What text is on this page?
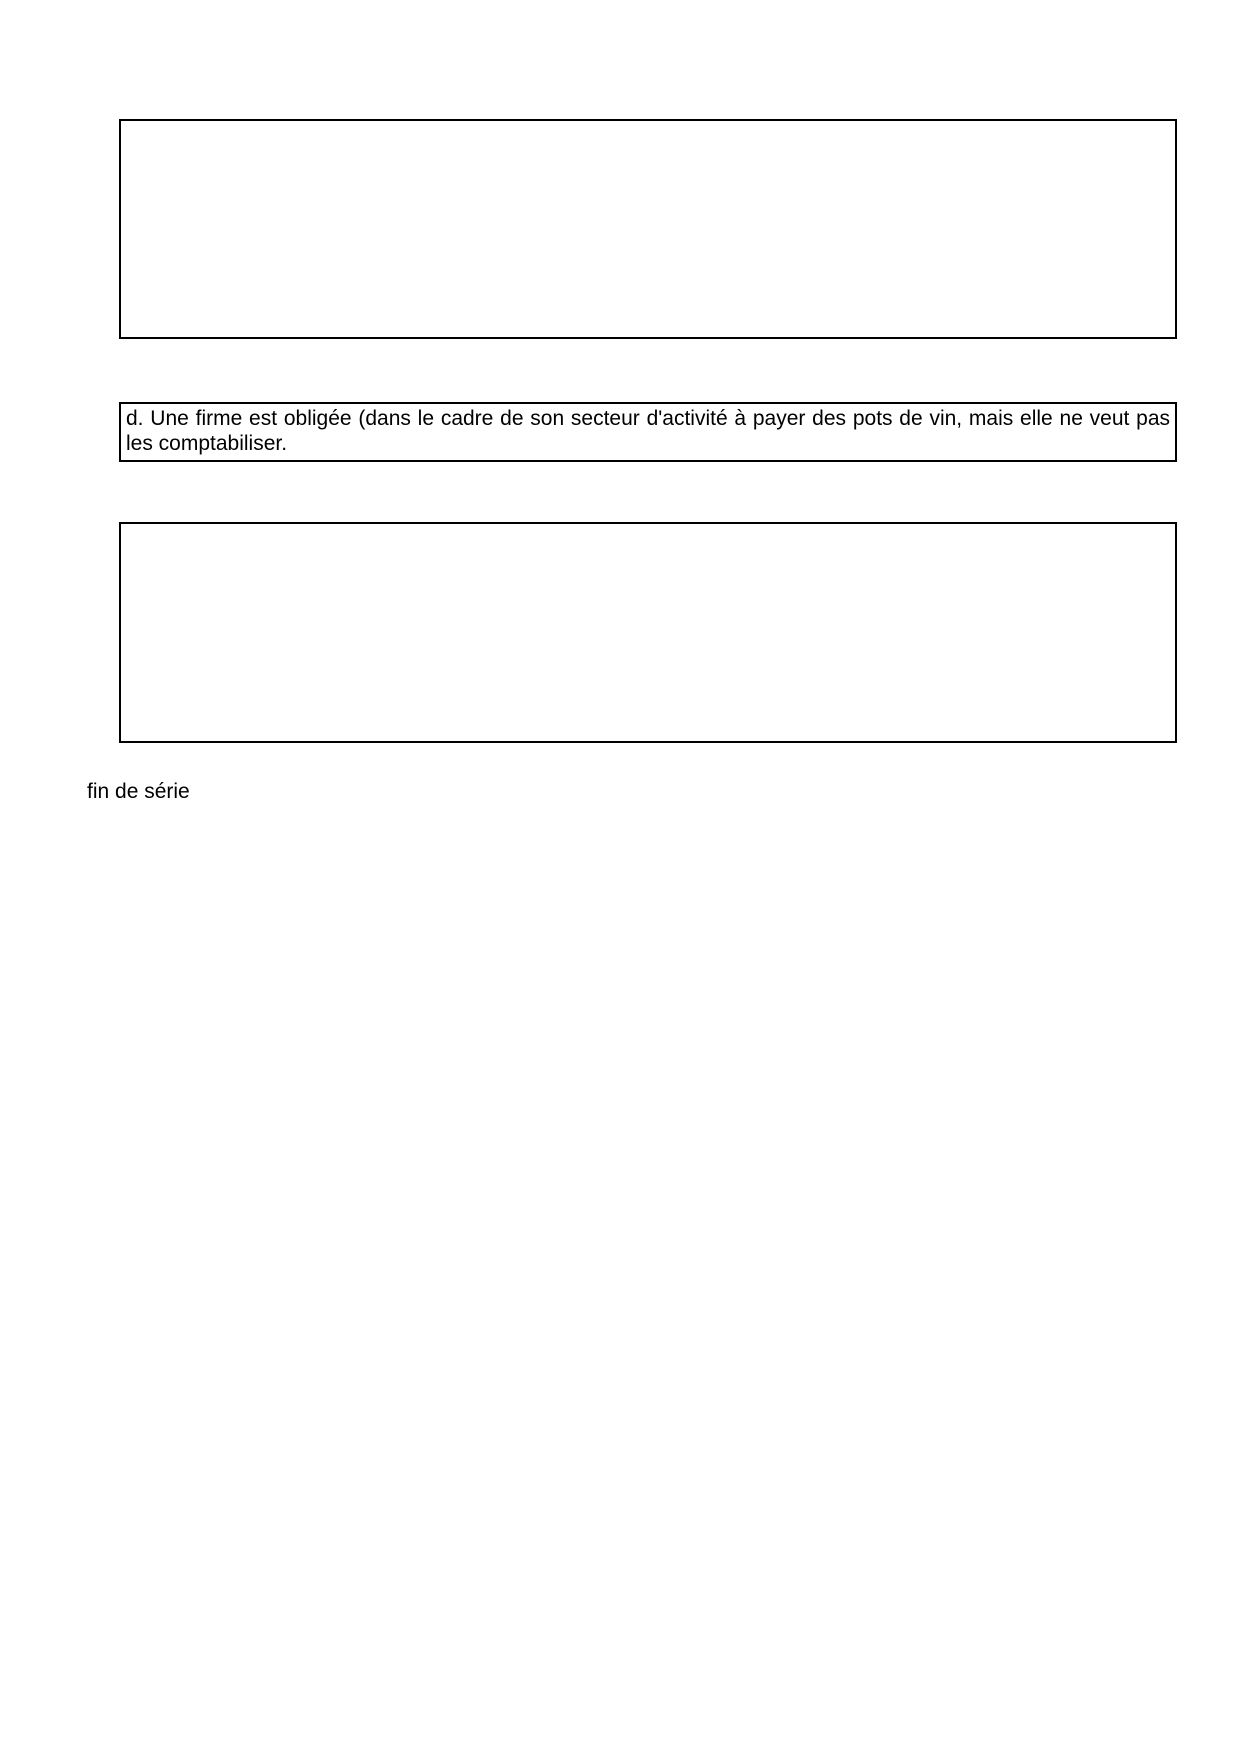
d. Une firme est obligée (dans le cadre de son secteur d'activité à payer des pots de vin, mais elle ne veut pas
les comptabiliser.
fin de série
